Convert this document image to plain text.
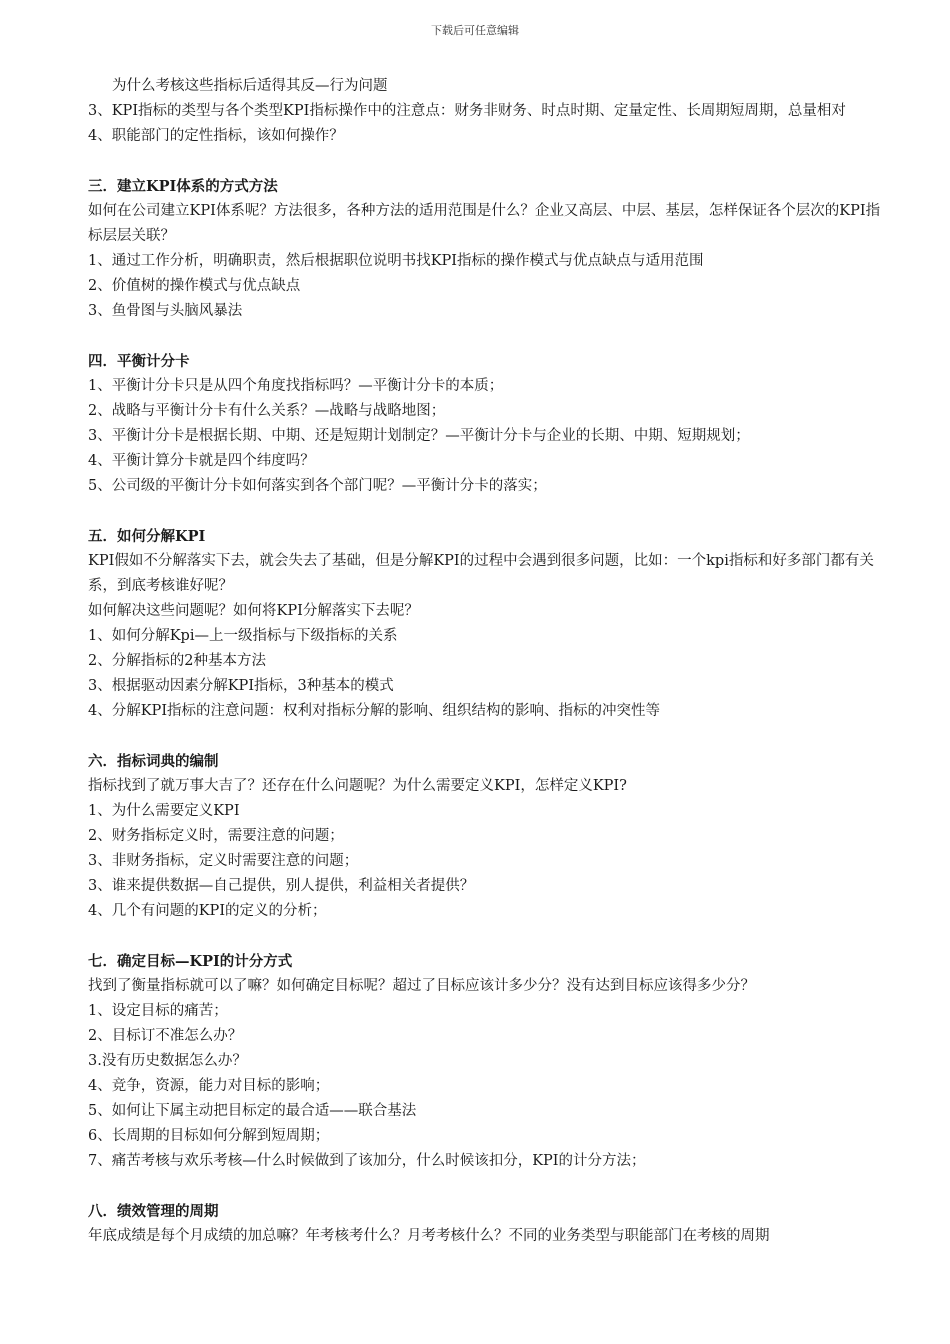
下载后可任意编辑
为什么考核这些指标后适得其反—行为问题
3、KPI指标的类型与各个类型KPI指标操作中的注意点：财务非财务、时点时期、定量定性、长周期短周期，总量相对
4、职能部门的定性指标，该如何操作？
三．建立KPI体系的方式方法
如何在公司建立KPI体系呢？方法很多，各种方法的适用范围是什么？企业又高层、中层、基层，怎样保证各个层次的KPI指标层层关联？
1、通过工作分析，明确职责，然后根据职位说明书找KPI指标的操作模式与优点缺点与适用范围
2、价值树的操作模式与优点缺点
3、鱼骨图与头脑风暴法
四．平衡计分卡
1、平衡计分卡只是从四个角度找指标吗？—平衡计分卡的本质；
2、战略与平衡计分卡有什么关系？—战略与战略地图；
3、平衡计分卡是根据长期、中期、还是短期计划制定？—平衡计分卡与企业的长期、中期、短期规划；
4、平衡计算分卡就是四个纬度吗？
5、公司级的平衡计分卡如何落实到各个部门呢？—平衡计分卡的落实；
五．如何分解KPI
KPI假如不分解落实下去，就会失去了基础，但是分解KPI的过程中会遇到很多问题，比如：一个kpi指标和好多部门都有关系，到底考核谁好呢？
如何解决这些问题呢？如何将KPI分解落实下去呢？
1、如何分解Kpi—上一级指标与下级指标的关系
2、分解指标的2种基本方法
3、根据驱动因素分解KPI指标，3种基本的模式
4、分解KPI指标的注意问题：权利对指标分解的影响、组织结构的影响、指标的冲突性等
六．指标词典的编制
指标找到了就万事大吉了？还存在什么问题呢？为什么需要定义KPI，怎样定义KPI?
1、为什么需要定义KPI
2、财务指标定义时，需要注意的问题；
3、非财务指标，定义时需要注意的问题；
3、谁来提供数据—自己提供，别人提供，利益相关者提供？
4、几个有问题的KPI的定义的分析；
七．确定目标—KPI的计分方式
找到了衡量指标就可以了嘛？如何确定目标呢？超过了目标应该计多少分？没有达到目标应该得多少分？
1、设定目标的痛苦；
2、目标订不准怎么办？
3.没有历史数据怎么办？
4、竞争，资源，能力对目标的影响；
5、如何让下属主动把目标定的最合适——联合基法
6、长周期的目标如何分解到短周期；
7、痛苦考核与欢乐考核—什么时候做到了该加分，什么时候该扣分，KPI的计分方法；
八．绩效管理的周期
年底成绩是每个月成绩的加总嘛？年考核考什么？月考考核什么？不同的业务类型与职能部门在考核的周期
